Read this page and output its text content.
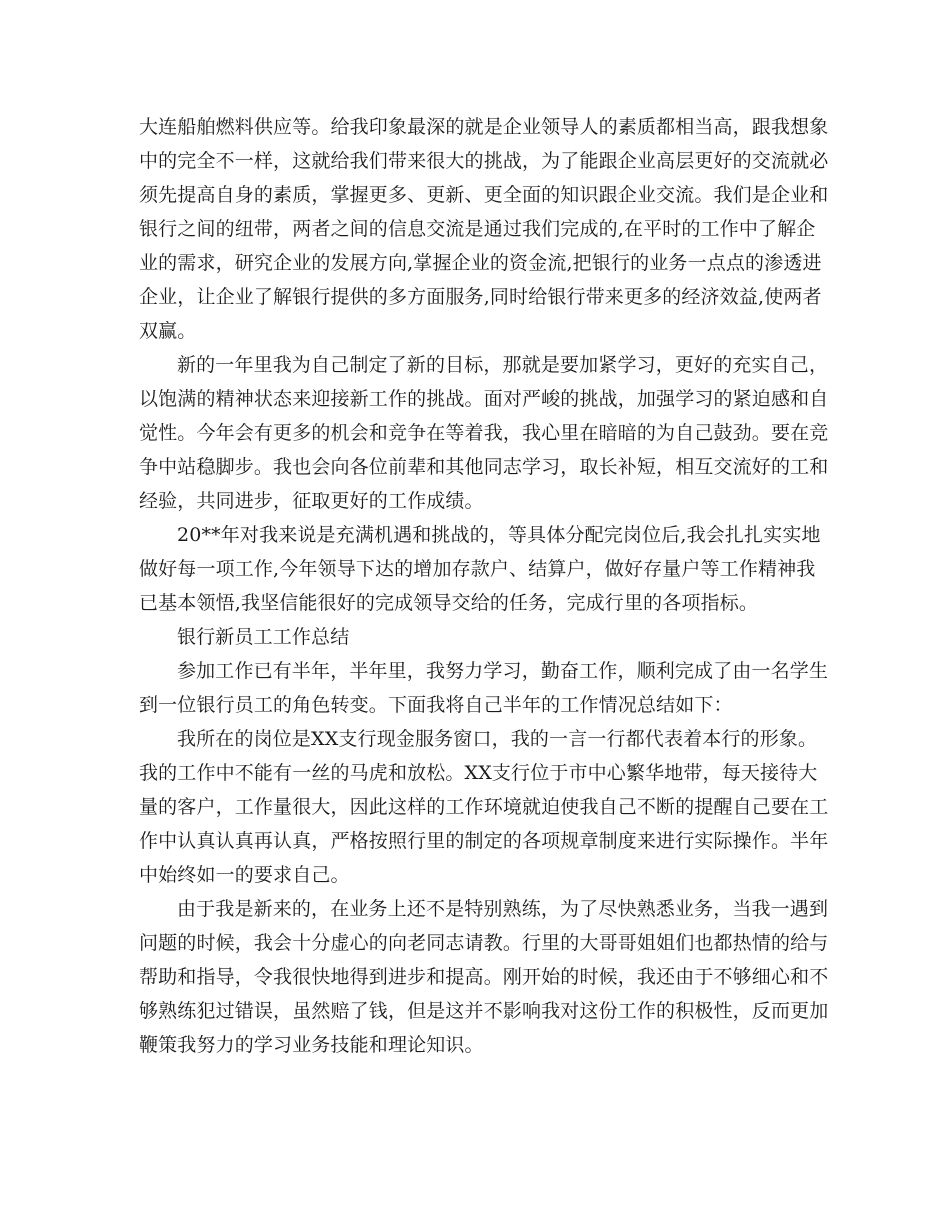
大连船舶燃料供应等。给我印象最深的就是企业领导人的素质都相当高，跟我想象
中的完全不一样，这就给我们带来很大的挑战，为了能跟企业高层更好的交流就必
须先提高自身的素质，掌握更多、更新、更全面的知识跟企业交流。我们是企业和
银行之间的纽带，两者之间的信息交流是通过我们完成的,在平时的工作中了解企
业的需求，研究企业的发展方向,掌握企业的资金流,把银行的业务一点点的渗透进
企业，让企业了解银行提供的多方面服务,同时给银行带来更多的经济效益,使两者
双赢。
新的一年里我为自己制定了新的目标，那就是要加紧学习，更好的充实自己，
以饱满的精神状态来迎接新工作的挑战。面对严峻的挑战，加强学习的紧迫感和自
觉性。今年会有更多的机会和竞争在等着我，我心里在暗暗的为自己鼓劲。要在竞
争中站稳脚步。我也会向各位前辈和其他同志学习，取长补短，相互交流好的工和
经验，共同进步，征取更好的工作成绩。
20**年对我来说是充满机遇和挑战的，等具体分配完岗位后,我会扎扎实实地
做好每一项工作,今年领导下达的增加存款户、结算户，做好存量户等工作精神我
已基本领悟,我坚信能很好的完成领导交给的任务，完成行里的各项指标。
银行新员工工作总结
参加工作已有半年，半年里，我努力学习，勤奋工作，顺利完成了由一名学生
到一位银行员工的角色转变。下面我将自己半年的工作情况总结如下：
我所在的岗位是XX支行现金服务窗口，我的一言一行都代表着本行的形象。
我的工作中不能有一丝的马虎和放松。XX支行位于市中心繁华地带，每天接待大
量的客户，工作量很大，因此这样的工作环境就迫使我自己不断的提醒自己要在工
作中认真认真再认真，严格按照行里的制定的各项规章制度来进行实际操作。半年
中始终如一的要求自己。
由于我是新来的，在业务上还不是特别熟练，为了尽快熟悉业务，当我一遇到
问题的时候，我会十分虚心的向老同志请教。行里的大哥哥姐姐们也都热情的给与
帮助和指导，令我很快地得到进步和提高。刚开始的时候，我还由于不够细心和不
够熟练犯过错误，虽然赔了钱，但是这并不影响我对这份工作的积极性，反而更加
鞭策我努力的学习业务技能和理论知识。
